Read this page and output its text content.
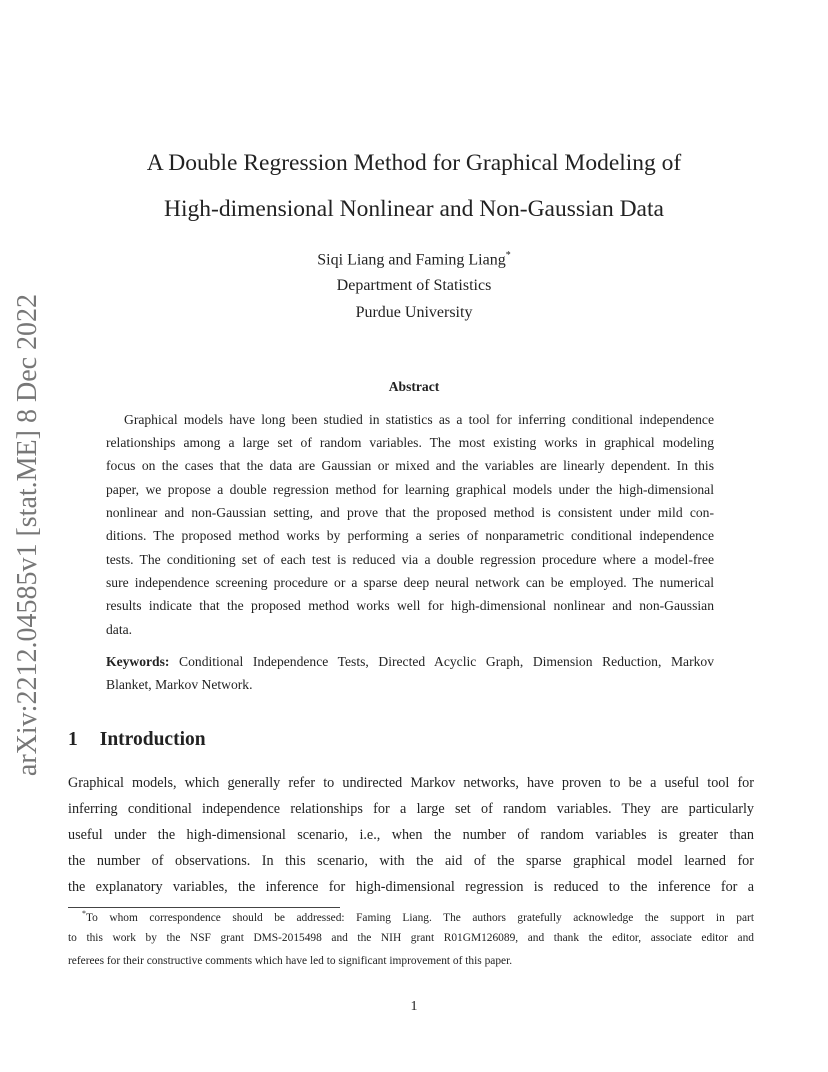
arXiv:2212.04585v1 [stat.ME] 8 Dec 2022
A Double Regression Method for Graphical Modeling of
High-dimensional Nonlinear and Non-Gaussian Data
Siqi Liang and Faming Liang*
Department of Statistics
Purdue University
Abstract
Graphical models have long been studied in statistics as a tool for inferring conditional independence
relationships among a large set of random variables. The most existing works in graphical modeling
focus on the cases that the data are Gaussian or mixed and the variables are linearly dependent. In this
paper, we propose a double regression method for learning graphical models under the high-dimensional
nonlinear and non-Gaussian setting, and prove that the proposed method is consistent under mild con-
ditions. The proposed method works by performing a series of nonparametric conditional independence
tests. The conditioning set of each test is reduced via a double regression procedure where a model-free
sure independence screening procedure or a sparse deep neural network can be employed. The numerical
results indicate that the proposed method works well for high-dimensional nonlinear and non-Gaussian
data.
Keywords: Conditional Independence Tests, Directed Acyclic Graph, Dimension Reduction, Markov
Blanket, Markov Network.
1 Introduction
Graphical models, which generally refer to undirected Markov networks, have proven to be a useful tool for
inferring conditional independence relationships for a large set of random variables. They are particularly
useful under the high-dimensional scenario, i.e., when the number of random variables is greater than
the number of observations. In this scenario, with the aid of the sparse graphical model learned for
the explanatory variables, the inference for high-dimensional regression is reduced to the inference for a
*To whom correspondence should be addressed: Faming Liang. The authors gratefully acknowledge the support in part
to this work by the NSF grant DMS-2015498 and the NIH grant R01GM126089, and thank the editor, associate editor and
referees for their constructive comments which have led to significant improvement of this paper.
1
